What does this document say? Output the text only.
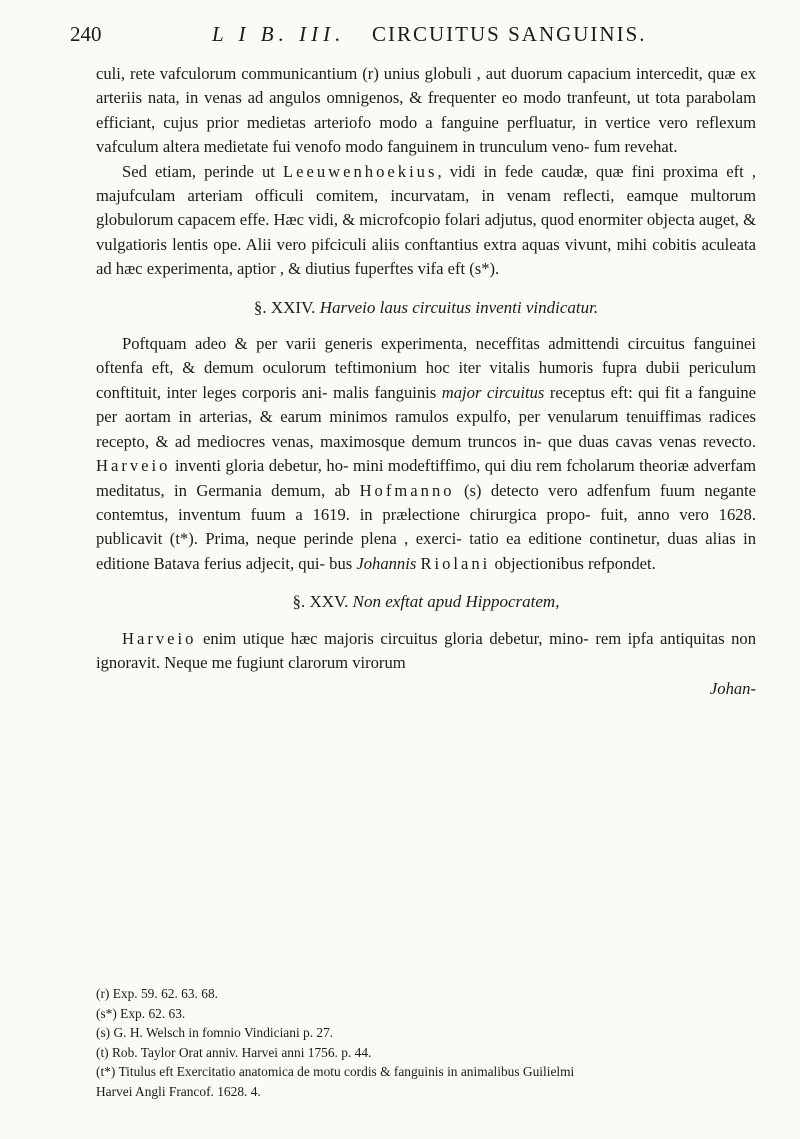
240	L I B. III. CIRCUITUS SANGUINIS.

culi, rete vafculorum communicantium (r) unius globuli , aut duorum capacium intercedit, quæ ex arteriis nata, in venas ad angulos omnigenos, & frequenter eo modo tranfeunt, ut tota parabolam efficiant, cujus prior medietas arteriofo modo a fanguine perfluatur, in vertice vero reflexum vafculum altera medietate fui venofo modo fanguinem in trunculum veno- fum revehat.

Sed etiam, perinde ut Leeuwenhoekius, vidi in fede caudæ, quæ fini proxima eft , majufculam arteriam officuli comitem, incurvatam, in venam reflecti, eamque multorum globulorum capacem effe. Hæc vidi, & microfcopio folari adjutus, quod enormiter objecta auget, & vulgatioris lentis ope. Alii vero pifciculi aliis conftantius extra aquas vivunt, mihi cobitis aculeata ad hæc experimenta, aptior , & diutius fuperftes vifa eft (s*).

§. XXIV. Harveio laus circuitus inventi vindicatur.

Poftquam adeo & per varii generis experimenta, neceffitas admittendi circuitus fanguinei oftenfa eft, & demum oculorum teftimonium hoc iter vitalis humoris fupra dubii periculum conftituit, inter leges corporis ani- malis fanguinis major circuitus receptus eft: qui fit a fanguine per aortam in arterias, & earum minimos ramulos expulfo, per venularum tenuiffimas radices recepto, & ad mediocres venas, maximosque demum truncos in- que duas cavas venas revecto. Harveio inventi gloria debetur, ho- mini modeftiffimo, qui diu rem fcholarum theoriæ adverfam meditatus, in Germania demum, ab Hofmanno (s) detecto vero adfenfum fuum negante contemtus, inventum fuum a 1619. in prælectione chirurgica propo- fuit, anno vero 1628. publicavit (t*). Prima, neque perinde plena , exerci- tatio ea editione continetur, duas alias in editione Batava ferius adjecit, qui- bus Johannis Riolani objectionibus refpondet.

§. XXV. Non exftat apud Hippocratem,

Harveio enim utique hæc majoris circuitus gloria debetur, mino- rem ipfa antiquitas non ignoravit. Neque me fugiunt clarorum virorum

Johan-

(r) Exp. 59. 62. 63. 68.

(s*) Exp. 62. 63.

(s) G. H. Welsch in fomnio Vindiciani p. 27.

(t) Rob. Taylor Orat anniv. Harvei anni 1756. p. 44.

(t*) Titulus eft Exercitatio anatomica de motu cordis & fanguinis in animalibus Guilielmi

Harvei Angli Francof. 1628. 4.
